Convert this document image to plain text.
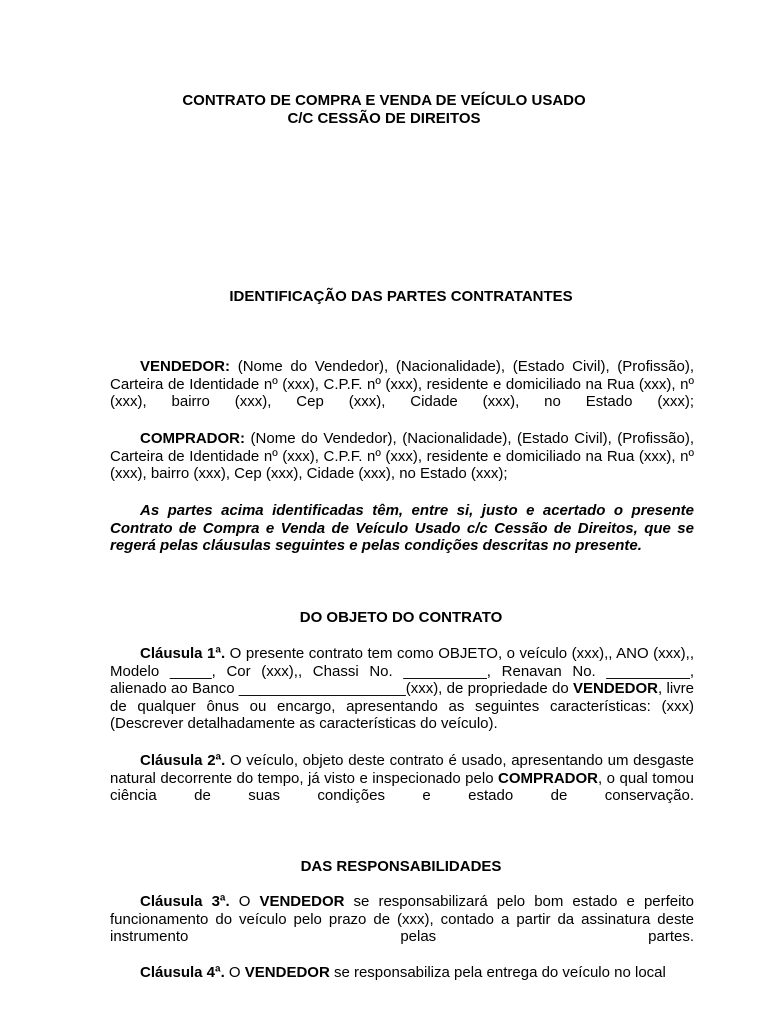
CONTRATO DE COMPRA E VENDA DE VEÍCULO USADO
C/C CESSÃO DE DIREITOS
IDENTIFICAÇÃO DAS PARTES CONTRATANTES

VENDEDOR: (Nome do Vendedor), (Nacionalidade), (Estado Civil), (Profissão), Carteira de Identidade nº (xxx), C.P.F. nº (xxx), residente e domiciliado na Rua (xxx), nº (xxx), bairro (xxx), Cep (xxx), Cidade (xxx), no Estado (xxx);

COMPRADOR: (Nome do Vendedor), (Nacionalidade), (Estado Civil), (Profissão), Carteira de Identidade nº (xxx), C.P.F. nº (xxx), residente e domiciliado na Rua (xxx), nº (xxx), bairro (xxx), Cep (xxx), Cidade (xxx), no Estado (xxx);

As partes acima identificadas têm, entre si, justo e acertado o presente Contrato de Compra e Venda de Veículo Usado c/c Cessão de Direitos, que se regerá pelas cláusulas seguintes e pelas condições descritas no presente.

DO OBJETO DO CONTRATO

Cláusula 1ª. O presente contrato tem como OBJETO, o veículo (xxx),, ANO (xxx),, Modelo _____, Cor (xxx),, Chassi No. __________, Renavan No. __________, alienado ao Banco ____________________(xxx), de propriedade do VENDEDOR, livre de qualquer ônus ou encargo, apresentando as seguintes características: (xxx) (Descrever detalhadamente as características do veículo).

Cláusula 2ª. O veículo, objeto deste contrato é usado, apresentando um desgaste natural decorrente do tempo, já visto e inspecionado pelo COMPRADOR, o qual tomou ciência de suas condições e estado de conservação.

DAS RESPONSABILIDADES

Cláusula 3ª. O VENDEDOR se responsabilizará pelo bom estado e perfeito funcionamento do veículo pelo prazo de (xxx), contado a partir da assinatura deste instrumento pelas partes.

Cláusula 4ª. O VENDEDOR se responsabiliza pela entrega do veículo no local
